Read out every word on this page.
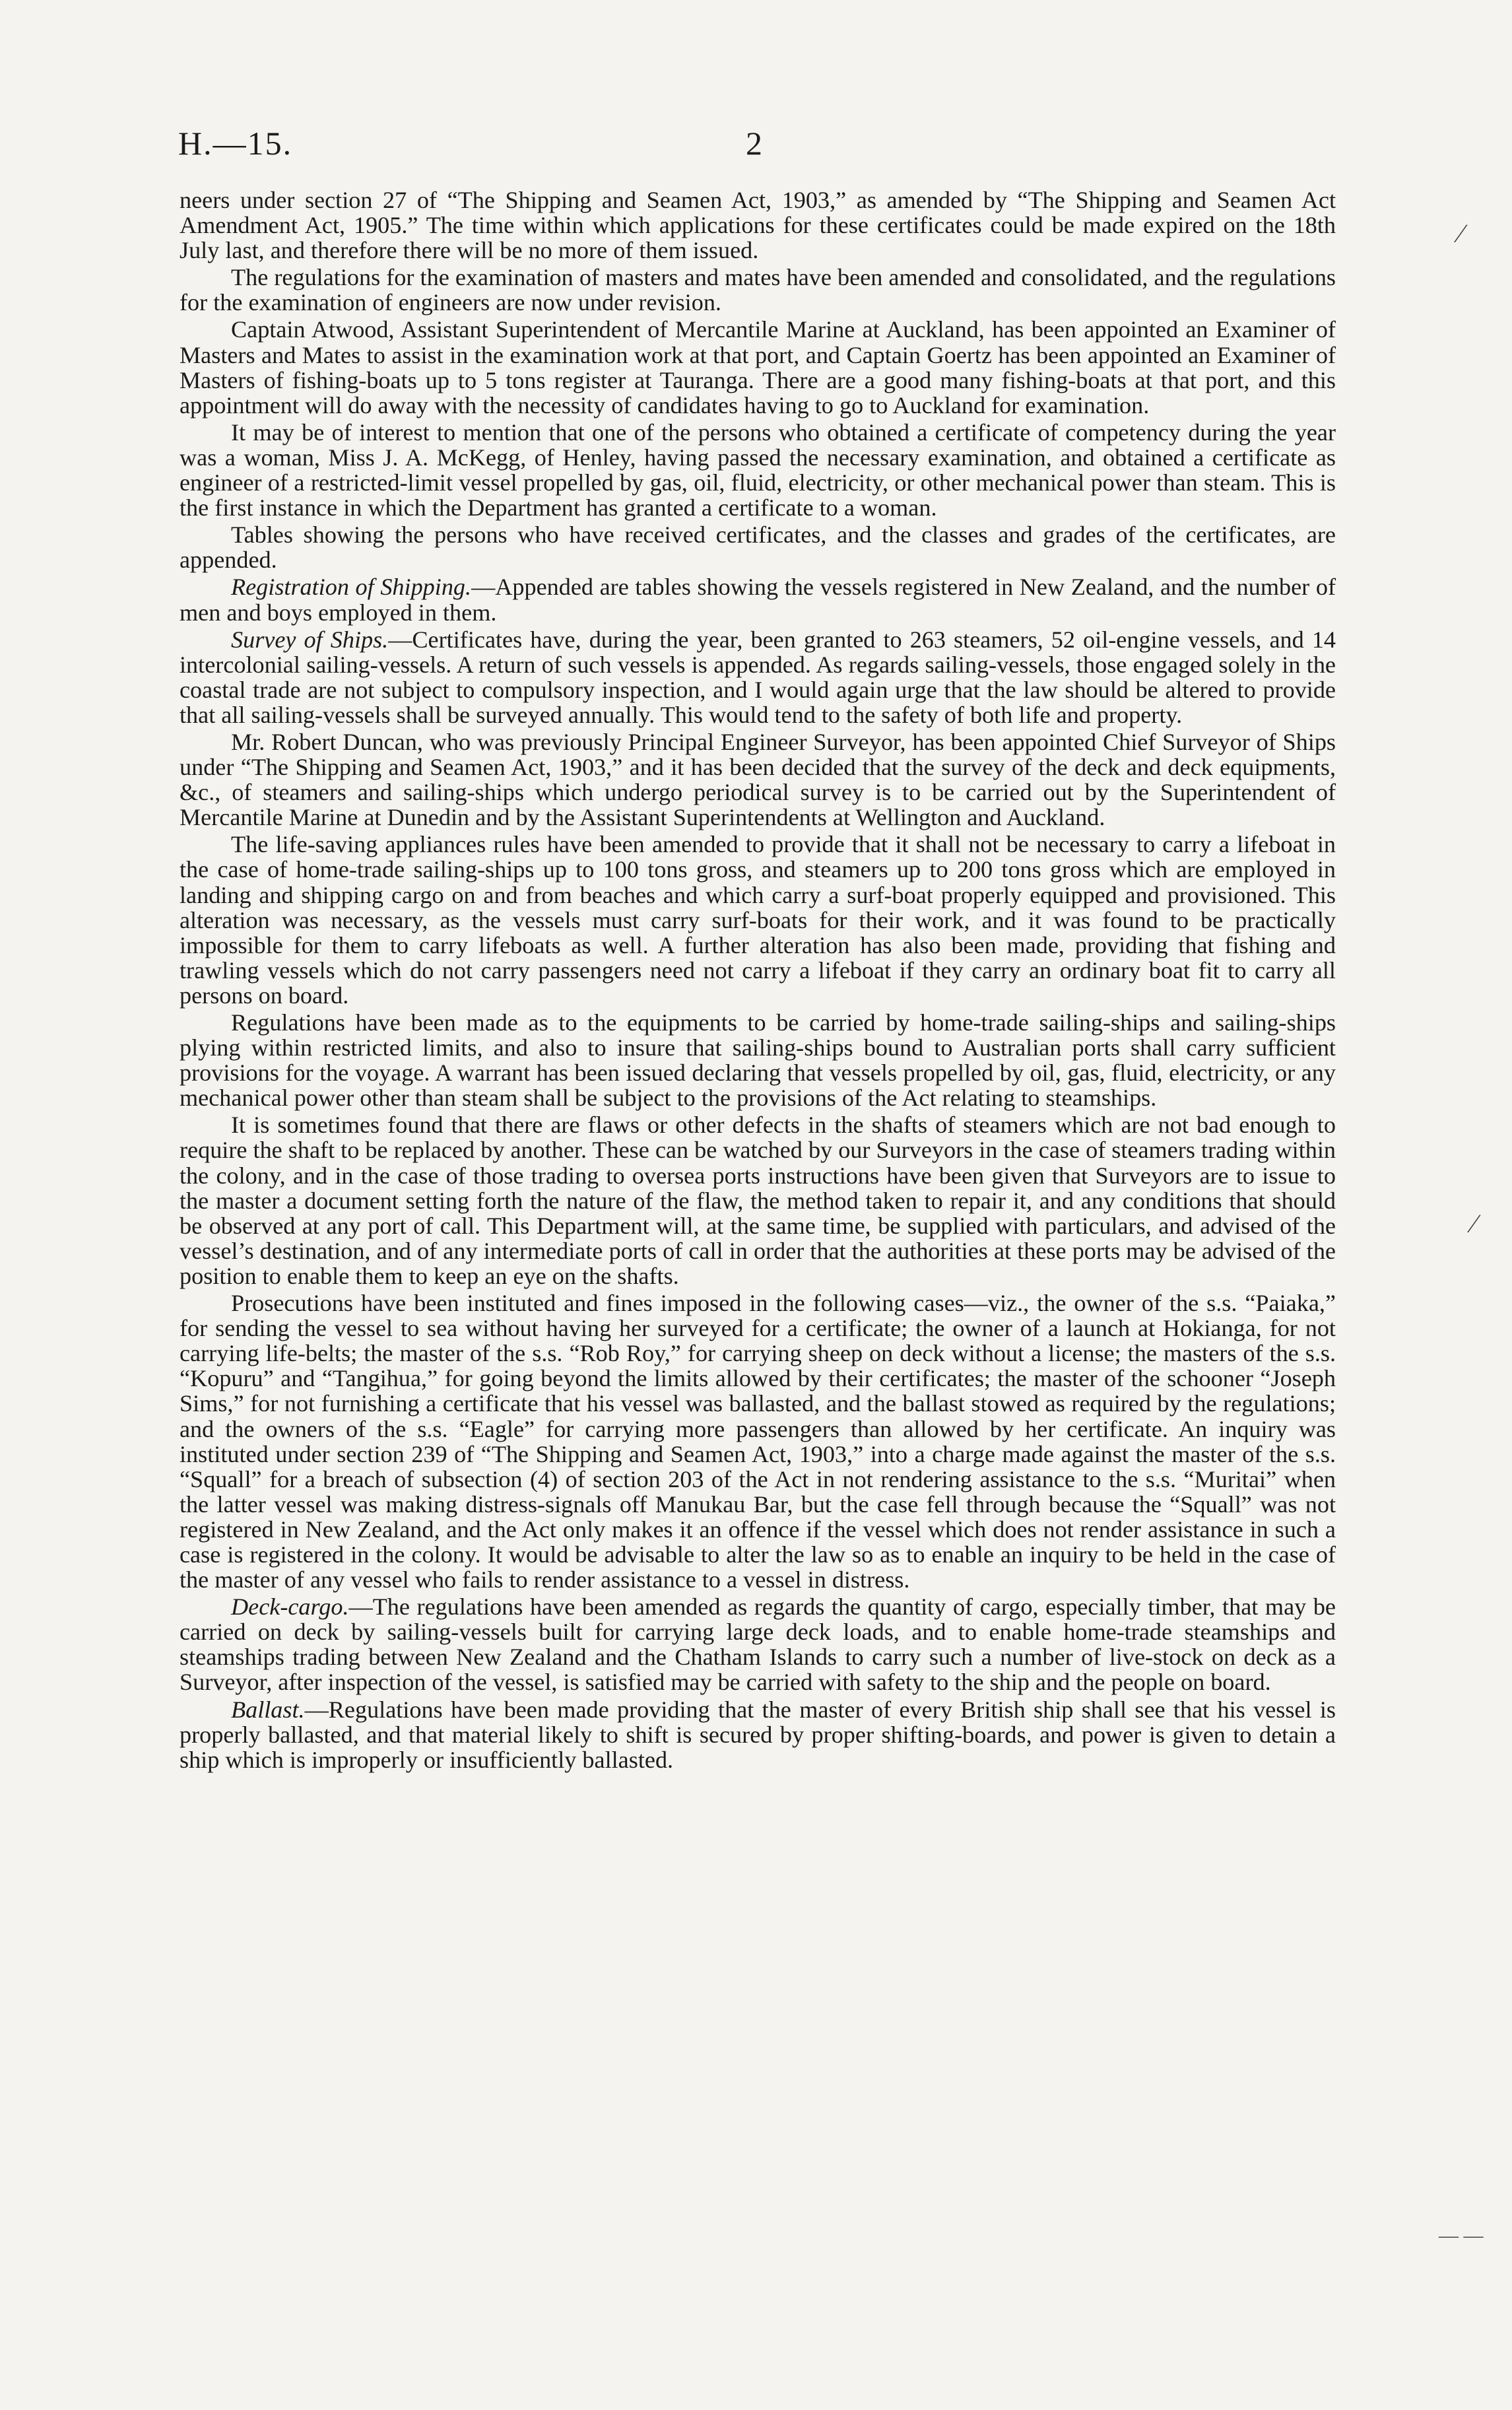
H.—15.	2

neers under section 27 of “The Shipping and Seamen Act, 1903,” as amended by “The Shipping and Seamen Act Amendment Act, 1905.” The time within which applications for these certificates could be made expired on the 18th July last, and therefore there will be no more of them issued.

The regulations for the examination of masters and mates have been amended and consolidated, and the regulations for the examination of engineers are now under revision.

Captain Atwood, Assistant Superintendent of Mercantile Marine at Auckland, has been appointed an Examiner of Masters and Mates to assist in the examination work at that port, and Captain Goertz has been appointed an Examiner of Masters of fishing-boats up to 5 tons register at Tauranga. There are a good many fishing-boats at that port, and this appointment will do away with the necessity of candidates having to go to Auckland for examination.

It may be of interest to mention that one of the persons who obtained a certificate of competency during the year was a woman, Miss J. A. McKegg, of Henley, having passed the necessary examination, and obtained a certificate as engineer of a restricted-limit vessel propelled by gas, oil, fluid, electricity, or other mechanical power than steam. This is the first instance in which the Department has granted a certificate to a woman.

Tables showing the persons who have received certificates, and the classes and grades of the certificates, are appended.

Registration of Shipping.—Appended are tables showing the vessels registered in New Zealand, and the number of men and boys employed in them.

Survey of Ships.—Certificates have, during the year, been granted to 263 steamers, 52 oil-engine vessels, and 14 intercolonial sailing-vessels. A return of such vessels is appended. As regards sailing-vessels, those engaged solely in the coastal trade are not subject to compulsory inspection, and I would again urge that the law should be altered to provide that all sailing-vessels shall be surveyed annually. This would tend to the safety of both life and property.

Mr. Robert Duncan, who was previously Principal Engineer Surveyor, has been appointed Chief Surveyor of Ships under “The Shipping and Seamen Act, 1903,” and it has been decided that the survey of the deck and deck equipments, &c., of steamers and sailing-ships which undergo periodical survey is to be carried out by the Superintendent of Mercantile Marine at Dunedin and by the Assistant Superintendents at Wellington and Auckland.

The life-saving appliances rules have been amended to provide that it shall not be necessary to carry a lifeboat in the case of home-trade sailing-ships up to 100 tons gross, and steamers up to 200 tons gross which are employed in landing and shipping cargo on and from beaches and which carry a surf-boat properly equipped and provisioned. This alteration was necessary, as the vessels must carry surf-boats for their work, and it was found to be practically impossible for them to carry lifeboats as well. A further alteration has also been made, providing that fishing and trawling vessels which do not carry passengers need not carry a lifeboat if they carry an ordinary boat fit to carry all persons on board.

Regulations have been made as to the equipments to be carried by home-trade sailing-ships and sailing-ships plying within restricted limits, and also to insure that sailing-ships bound to Australian ports shall carry sufficient provisions for the voyage. A warrant has been issued declaring that vessels propelled by oil, gas, fluid, electricity, or any mechanical power other than steam shall be subject to the provisions of the Act relating to steamships.

It is sometimes found that there are flaws or other defects in the shafts of steamers which are not bad enough to require the shaft to be replaced by another. These can be watched by our Surveyors in the case of steamers trading within the colony, and in the case of those trading to oversea ports instructions have been given that Surveyors are to issue to the master a document setting forth the nature of the flaw, the method taken to repair it, and any conditions that should be observed at any port of call. This Department will, at the same time, be supplied with particulars, and advised of the vessel’s destination, and of any intermediate ports of call in order that the authorities at these ports may be advised of the position to enable them to keep an eye on the shafts.

Prosecutions have been instituted and fines imposed in the following cases—viz., the owner of the s.s. “Paiaka,” for sending the vessel to sea without having her surveyed for a certificate; the owner of a launch at Hokianga, for not carrying life-belts; the master of the s.s. “Rob Roy,” for carrying sheep on deck without a license; the masters of the s.s. “Kopuru” and “Tangihua,” for going beyond the limits allowed by their certificates; the master of the schooner “Joseph Sims,” for not furnishing a certificate that his vessel was ballasted, and the ballast stowed as required by the regulations; and the owners of the s.s. “Eagle” for carrying more passengers than allowed by her certificate. An inquiry was instituted under section 239 of “The Shipping and Seamen Act, 1903,” into a charge made against the master of the s.s. “Squall” for a breach of subsection (4) of section 203 of the Act in not rendering assistance to the s.s. “Muritai” when the latter vessel was making distress-signals off Manukau Bar, but the case fell through because the “Squall” was not registered in New Zealand, and the Act only makes it an offence if the vessel which does not render assistance in such a case is registered in the colony. It would be advisable to alter the law so as to enable an inquiry to be held in the case of the master of any vessel who fails to render assistance to a vessel in distress.

Deck-cargo.—The regulations have been amended as regards the quantity of cargo, especially timber, that may be carried on deck by sailing-vessels built for carrying large deck loads, and to enable home-trade steamships and steamships trading between New Zealand and the Chatham Islands to carry such a number of live-stock on deck as a Surveyor, after inspection of the vessel, is satisfied may be carried with safety to the ship and the people on board.

Ballast.—Regulations have been made providing that the master of every British ship shall see that his vessel is properly ballasted, and that material likely to shift is secured by proper shifting-boards, and power is given to detain a ship which is improperly or insufficiently ballasted.

⁄
⁄
— —
